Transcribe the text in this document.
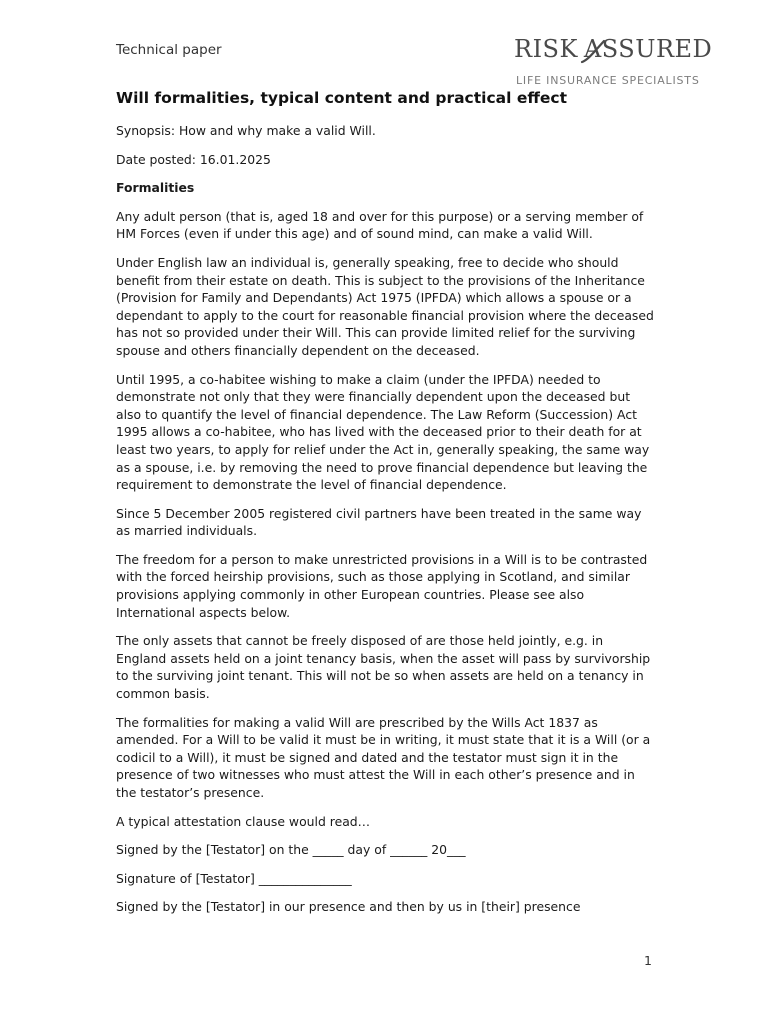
Technical paper	RISK ASSURED
LIFE INSURANCE SPECIALISTS
Will formalities, typical content and practical effect

Synopsis: How and why make a valid Will.

Date posted: 16.01.2025

Formalities

Any adult person (that is, aged 18 and over for this purpose) or a serving member of HM Forces (even if under this age) and of sound mind, can make a valid Will.

Under English law an individual is, generally speaking, free to decide who should benefit from their estate on death. This is subject to the provisions of the Inheritance (Provision for Family and Dependants) Act 1975 (IPFDA) which allows a spouse or a dependant to apply to the court for reasonable financial provision where the deceased has not so provided under their Will. This can provide limited relief for the surviving spouse and others financially dependent on the deceased.

Until 1995, a co-habitee wishing to make a claim (under the IPFDA) needed to demonstrate not only that they were financially dependent upon the deceased but also to quantify the level of financial dependence. The Law Reform (Succession) Act 1995 allows a co-habitee, who has lived with the deceased prior to their death for at least two years, to apply for relief under the Act in, generally speaking, the same way as a spouse, i.e. by removing the need to prove financial dependence but leaving the requirement to demonstrate the level of financial dependence.

Since 5 December 2005 registered civil partners have been treated in the same way as married individuals.

The freedom for a person to make unrestricted provisions in a Will is to be contrasted with the forced heirship provisions, such as those applying in Scotland, and similar provisions applying commonly in other European countries. Please see also International aspects below.

The only assets that cannot be freely disposed of are those held jointly, e.g. in England assets held on a joint tenancy basis, when the asset will pass by survivorship to the surviving joint tenant. This will not be so when assets are held on a tenancy in common basis.

The formalities for making a valid Will are prescribed by the Wills Act 1837 as amended. For a Will to be valid it must be in writing, it must state that it is a Will (or a codicil to a Will), it must be signed and dated and the testator must sign it in the presence of two witnesses who must attest the Will in each other’s presence and in the testator’s presence.

A typical attestation clause would read…

Signed by the [Testator] on the _____ day of ______ 20___

Signature of [Testator] _______________

Signed by the [Testator] in our presence and then by us in [their] presence

1
